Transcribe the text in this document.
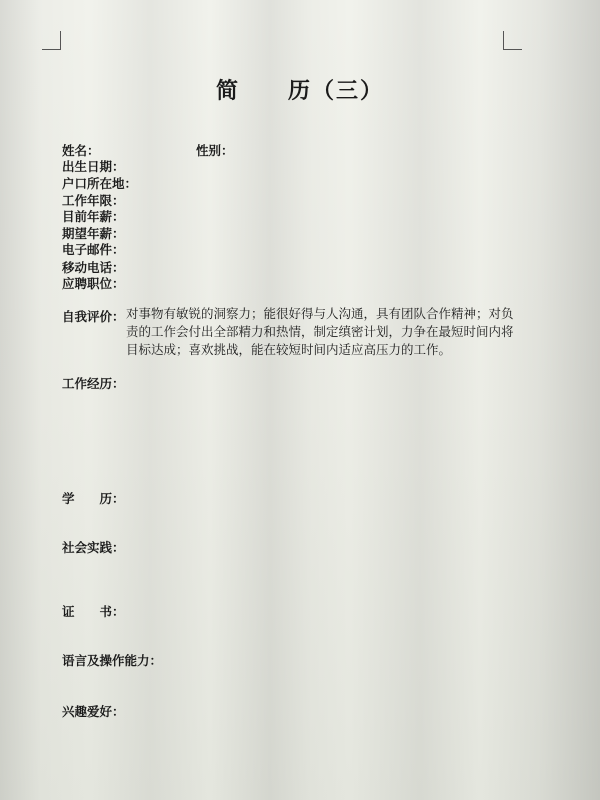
简　　历（三）
姓名：	性别：
出生日期：
户口所在地：
工作年限：
目前年薪：
期望年薪：
电子邮件：
移动电话：
应聘职位：
自我评价： 对事物有敏锐的洞察力；能很好得与人沟通，具有团队合作精神；对负责的工作会付出全部精力和热情，制定缜密计划，力争在最短时间内将目标达成；喜欢挑战，能在较短时间内适应高压力的工作。
工作经历：
学　　历：
社会实践：
证　　书：
语言及操作能力：
兴趣爱好：
